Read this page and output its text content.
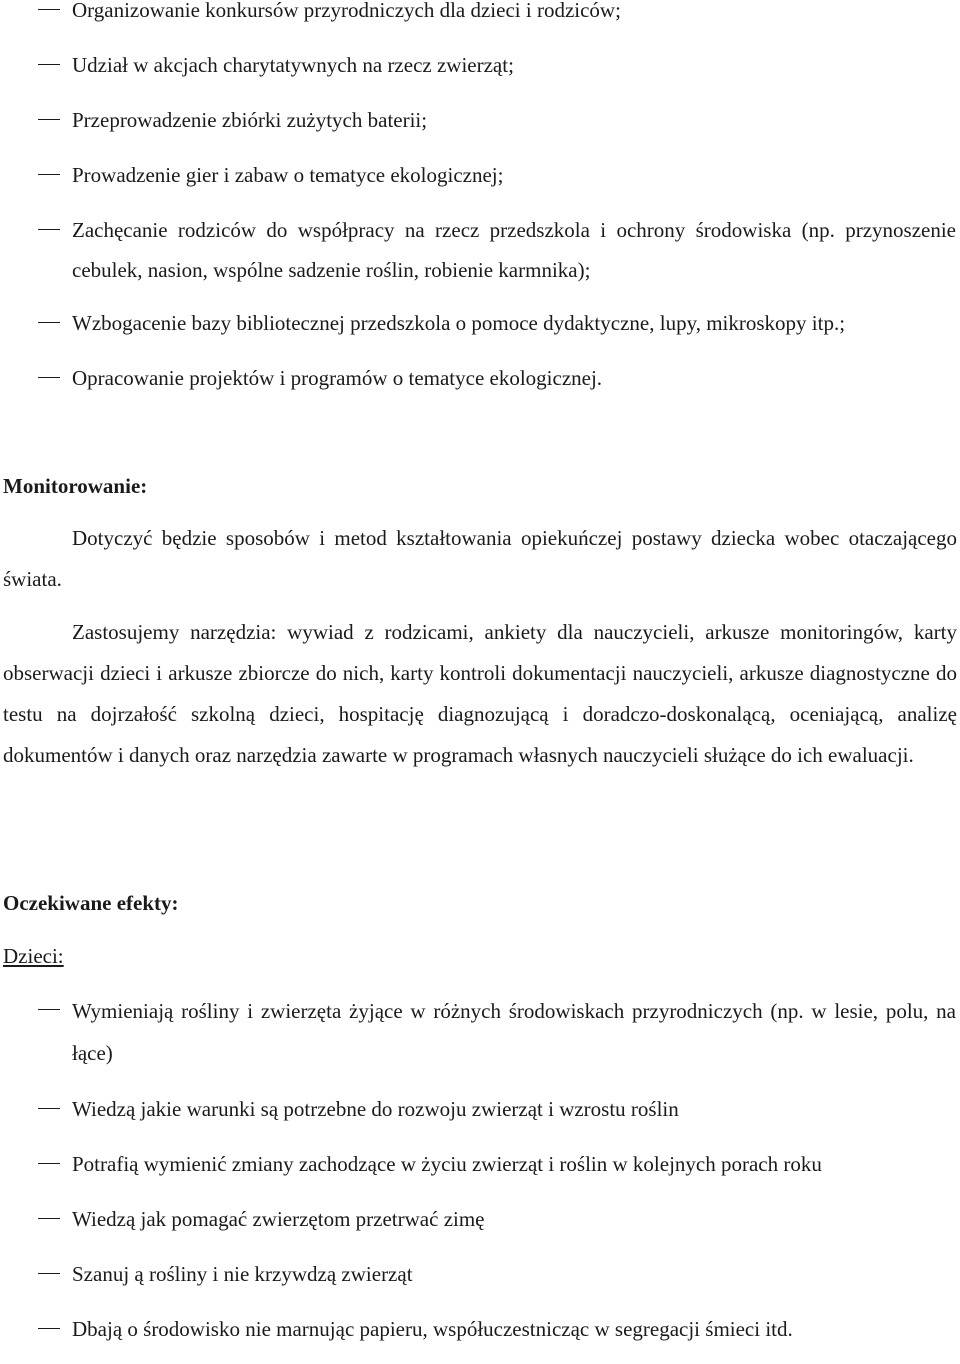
Organizowanie konkursów przyrodniczych dla dzieci i rodziców;
Udział w akcjach charytatywnych na rzecz zwierząt;
Przeprowadzenie zbiórki zużytych baterii;
Prowadzenie gier i zabaw o tematyce ekologicznej;
Zachęcanie rodziców do współpracy na rzecz przedszkola i ochrony środowiska (np. przynoszenie cebulek, nasion, wspólne sadzenie roślin, robienie karmnika);
Wzbogacenie bazy bibliotecznej przedszkola o pomoce dydaktyczne, lupy, mikroskopy itp.;
Opracowanie projektów i programów o tematyce ekologicznej.
Monitorowanie:

Dotyczyć będzie sposobów i metod kształtowania opiekuńczej postawy dziecka wobec otaczającego świata.

Zastosujemy narzędzia: wywiad z rodzicami, ankiety dla nauczycieli, arkusze monitoringów, karty obserwacji dzieci i arkusze zbiorcze do nich, karty kontroli dokumentacji nauczycieli, arkusze diagnostyczne do testu na dojrzałość szkolną dzieci, hospitację diagnozującą i doradczo-doskonalącą, oceniającą, analizę dokumentów i danych oraz narzędzia zawarte w programach własnych nauczycieli służące do ich ewaluacji.

Oczekiwane efekty:
Dzieci:
Wymieniają rośliny i zwierzęta żyjące w różnych środowiskach przyrodniczych (np. w lesie, polu, na łące)
Wiedzą jakie warunki są potrzebne do rozwoju zwierząt i wzrostu roślin
Potrafią wymienić zmiany zachodzące w życiu zwierząt i roślin w kolejnych porach roku
Wiedzą jak pomagać zwierzętom przetrwać zimę
Szanuj ą rośliny i nie krzywdzą zwierząt
Dbają o środowisko nie marnując papieru, współuczestnicząc w segregacji śmieci itd.
